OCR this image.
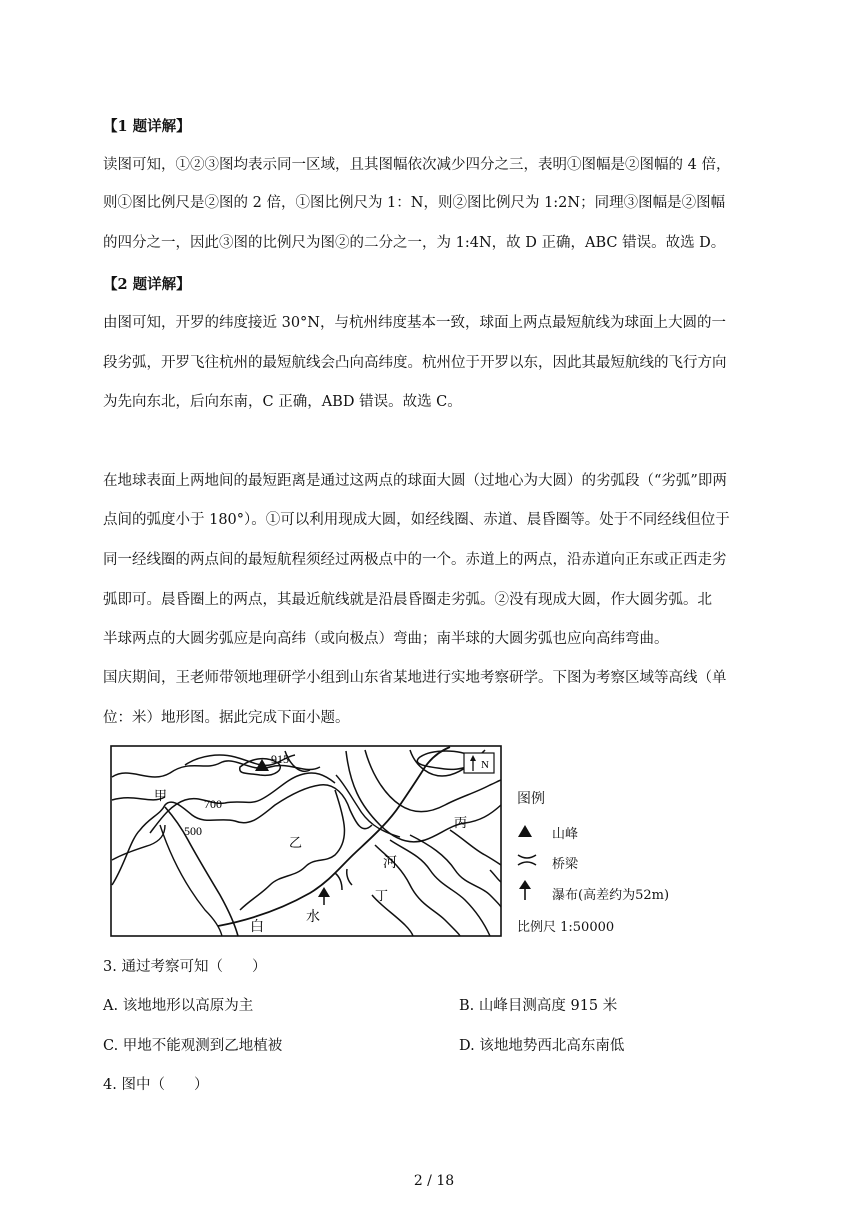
【1 题详解】
读图可知，①②③图均表示同一区域，且其图幅依次减少四分之三，表明①图幅是②图幅的 4 倍，
则①图比例尺是②图的 2 倍，①图比例尺为 1：N，则②图比例尺为 1:2N；同理③图幅是②图幅
的四分之一，因此③图的比例尺为图②的二分之一，为 1:4N，故 D 正确，ABC 错误。故选 D。
【2 题详解】
由图可知，开罗的纬度接近 30°N，与杭州纬度基本一致，球面上两点最短航线为球面上大圆的一
段劣弧，开罗飞往杭州的最短航线会凸向高纬度。杭州位于开罗以东，因此其最短航线的飞行方向
为先向东北，后向东南，C 正确，ABD 错误。故选 C。
在地球表面上两地间的最短距离是通过这两点的球面大圆（过地心为大圆）的劣弧段（“劣弧”即两
点间的弧度小于 180°）。①可以利用现成大圆，如经线圈、赤道、晨昏圈等。处于不同经线但位于
同一经线圈的两点间的最短航程须经过两极点中的一个。赤道上的两点，沿赤道向正东或正西走劣
弧即可。晨昏圈上的两点，其最近航线就是沿晨昏圈走劣弧。②没有现成大圆，作大圆劣弧。北
半球两点的大圆劣弧应是向高纬（或向极点）弯曲；南半球的大圆劣弧也应向高纬弯曲。
国庆期间，王老师带领地理研学小组到山东省某地进行实地考察研学。下图为考察区域等高线（单
位：米）地形图。据此完成下面小题。
N
915
700
500
甲
乙
丙
丁
河
白
水
图例
山峰
桥梁
瀑布(高差约为52m)
比例尺 1:50000
3. 通过考察可知（　　）
A. 该地地形以高原为主	B. 山峰目测高度 915 米
C. 甲地不能观测到乙地植被	D. 该地地势西北高东南低
4. 图中（　　）
2 / 18
